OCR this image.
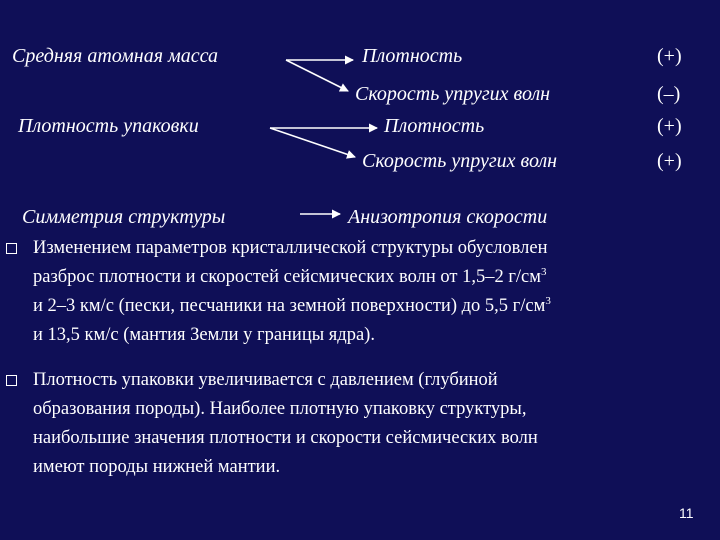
Средняя атомная масса	Плотность	(+)
Скорость упругих волн	(–)
Плотность упаковки	Плотность	(+)
Скорость упругих волн	(+)
Симметрия структуры	Анизотропия скорости
Изменением параметров кристаллической структуры обусловлен
разброс плотности и скоростей сейсмических волн от 1,5–2 $г/см^3$
и 2–3 км/с (пески, песчаники на земной поверхности) до 5,5 $г/см^3$
и 13,5 км/с (мантия Земли у границы ядра).
Плотность упаковки увеличивается с давлением (глубиной
образования породы). Наиболее плотную упаковку структуры,
наибольшие значения плотности и скорости сейсмических волн
имеют породы нижней мантии.
11
